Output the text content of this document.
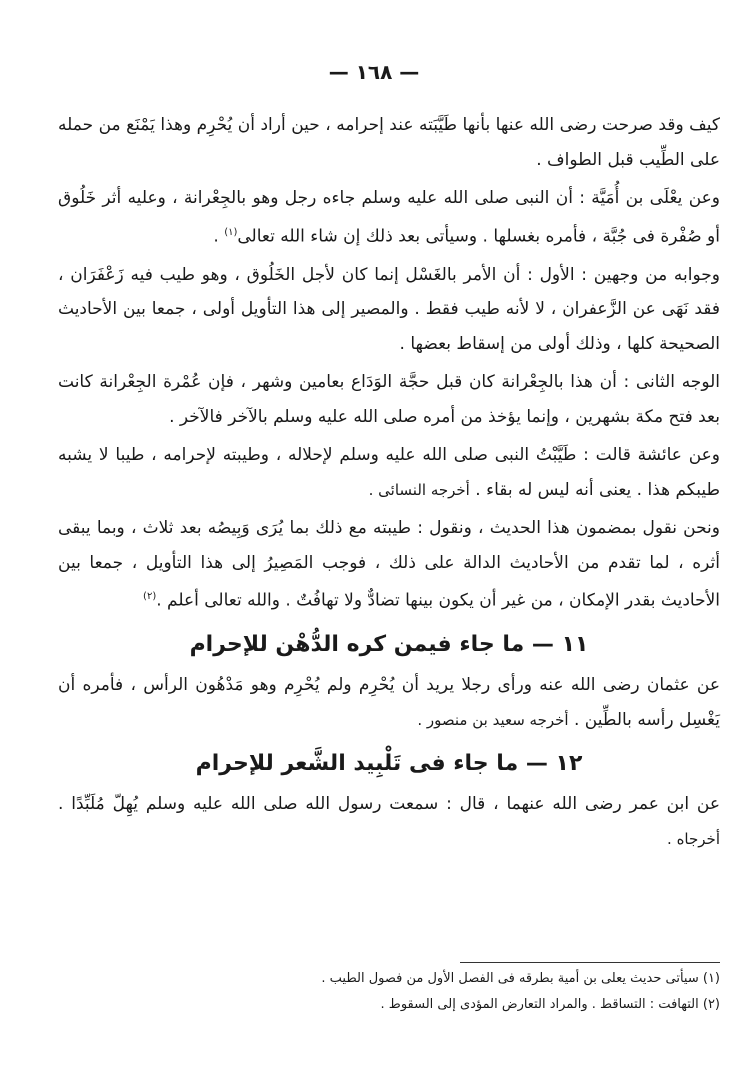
— ١٦٨ —

كيف وقد صرحت رضى الله عنها بأنها طَيَّبَته عند إحرامه ، حين أراد أن يُحْرِم وهذا يَمْنَع من حمله على الطِّيب قبل الطواف .

وعن يعْلَى بن أُمَيَّة : أن النبى صلى الله عليه وسلم جاءه رجل وهو بالجِعْرانة ، وعليه أثر خَلُوق أو صُفْرة فى جُبَّة ، فأمره بغسلها . وسيأتى بعد ذلك إن شاء الله تعالى$^{(١)}$ .

وجوابه من وجهين : الأول : أن الأمر بالغَسْل إنما كان لأجل الخَلُوق ، وهو طيب فيه زَعْفَرَان ، فقد نَهَى عن الزَّعفران ، لا لأنه طيب فقط . والمصير إلى هذا التأويل أولى ، جمعا بين الأحاديث الصحيحة كلها ، وذلك أولى من إسقاط بعضها .

الوجه الثانى : أن هذا بالجِعْرانة كان قبل حجَّة الوَدَاع بعامين وشهر ، فإن عُمْرة الجِعْرانة كانت بعد فتح مكة بشهرين ، وإنما يؤخذ من أمره صلى الله عليه وسلم بالآخر فالآخر .

وعن عائشة قالت : طَيَّبْتُ النبى صلى الله عليه وسلم لإحلاله ، وطيبته لإحرامه ، طيبا لا يشبه طيبكم هذا . يعنى أنه ليس له بقاء . أخرجه النسائى .

ونحن نقول بمضمون هذا الحديث ، ونقول : طيبته مع ذلك بما يُرَى وَبِيصُه بعد ثلاث ، وبما يبقى أثره ، لما تقدم من الأحاديث الدالة على ذلك ، فوجب المَصِيرُ إلى هذا التأويل ، جمعا بين الأحاديث بقدر الإمكان ، من غير أن يكون بينها تضادٌّ ولا تهافُتٌ . والله تعالى أعلم .$^{(٢)}$

١١ — ما جاء فيمن كره الدُّهْن للإحرام

عن عثمان رضى الله عنه ورأى رجلا يريد أن يُحْرِم ولم يُحْرِم وهو مَدْهُون الرأس ، فأمره أن يَغْسِل رأسه بالطِّين . أخرجه سعيد بن منصور .

١٢ — ما جاء فى تَلْبِيد الشَّعر للإحرام

عن ابن عمر رضى الله عنهما ، قال : سمعت رسول الله صلى الله عليه وسلم يُهِلّ مُلَبِّدًا . أخرجاه .

(١) سيأتى حديث يعلى بن أمية بطرقه فى الفصل الأول من فصول الطيب .
(٢) التهافت : التساقط . والمراد التعارض المؤدى إلى السقوط .
